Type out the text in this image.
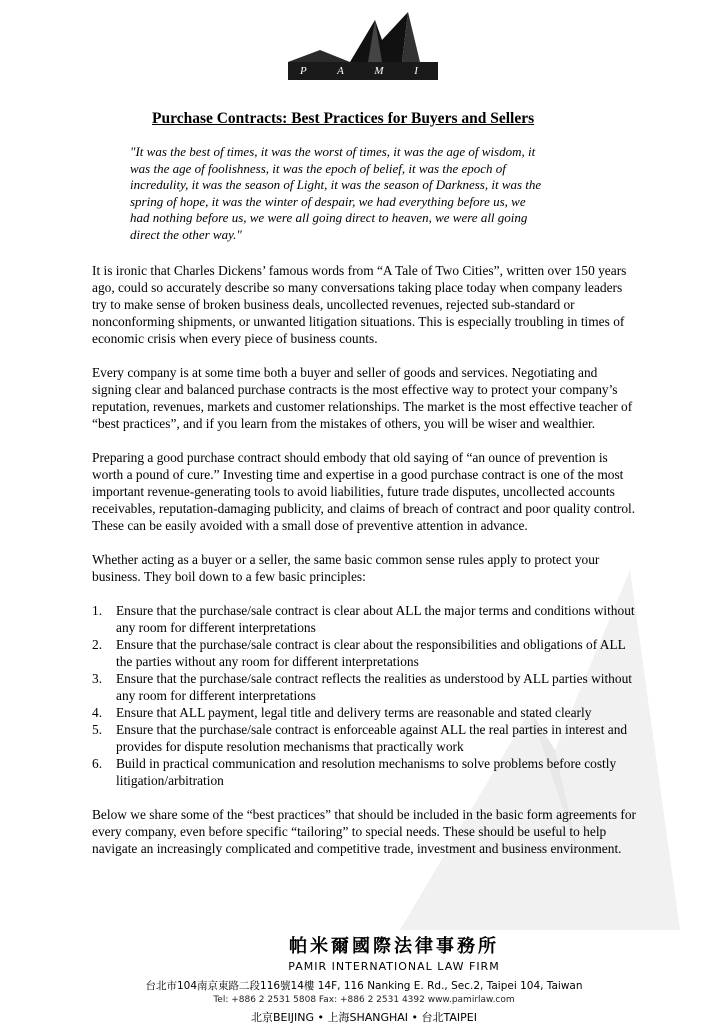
P A M I R
Purchase Contracts: Best Practices for Buyers and Sellers
"It was the best of times, it was the worst of times, it was the age of wisdom, it
was the age of foolishness, it was the epoch of belief, it was the epoch of
incredulity, it was the season of Light, it was the season of Darkness, it was the
spring of hope, it was the winter of despair, we had everything before us, we
had nothing before us, we were all going direct to heaven, we were all going
direct the other way."

It is ironic that Charles Dickens’ famous words from “A Tale of Two Cities”, written over 150 years ago, could so accurately describe so many conversations taking place today when company leaders try to make sense of broken business deals, uncollected revenues, rejected sub-standard or nonconforming shipments, or unwanted litigation situations. This is especially troubling in times of economic crisis when every piece of business counts.

Every company is at some time both a buyer and seller of goods and services. Negotiating and signing clear and balanced purchase contracts is the most effective way to protect your company’s reputation, revenues, markets and customer relationships. The market is the most effective teacher of “best practices”, and if you learn from the mistakes of others, you will be wiser and wealthier.

Preparing a good purchase contract should embody that old saying of “an ounce of prevention is worth a pound of cure.” Investing time and expertise in a good purchase contract is one of the most important revenue-generating tools to avoid liabilities, future trade disputes, uncollected accounts receivables, reputation-damaging publicity, and claims of breach of contract and poor quality control. These can be easily avoided with a small dose of preventive attention in advance.

Whether acting as a buyer or a seller, the same basic common sense rules apply to protect your business. They boil down to a few basic principles:

1. Ensure that the purchase/sale contract is clear about ALL the major terms and conditions without any room for different interpretations
2. Ensure that the purchase/sale contract is clear about the responsibilities and obligations of ALL the parties without any room for different interpretations
3. Ensure that the purchase/sale contract reflects the realities as understood by ALL parties without any room for different interpretations
4. Ensure that ALL payment, legal title and delivery terms are reasonable and stated clearly
5. Ensure that the purchase/sale contract is enforceable against ALL the real parties in interest and provides for dispute resolution mechanisms that practically work
6. Build in practical communication and resolution mechanisms to solve problems before costly litigation/arbitration

Below we share some of the “best practices” that should be included in the basic form agreements for every company, even before specific “tailoring” to special needs. These should be useful to help navigate an increasingly complicated and competitive trade, investment and business environment.

帕米爾國際法律事務所
PAMIR INTERNATIONAL LAW FIRM
台北市104南京東路二段116號14樓 14F, 116 Nanking E. Rd., Sec.2, Taipei 104, Taiwan
Tel: +886 2 2531 5808 Fax: +886 2 2531 4392 www.pamirlaw.com
北京BEIJING • 上海SHANGHAI • 台北TAIPEI
